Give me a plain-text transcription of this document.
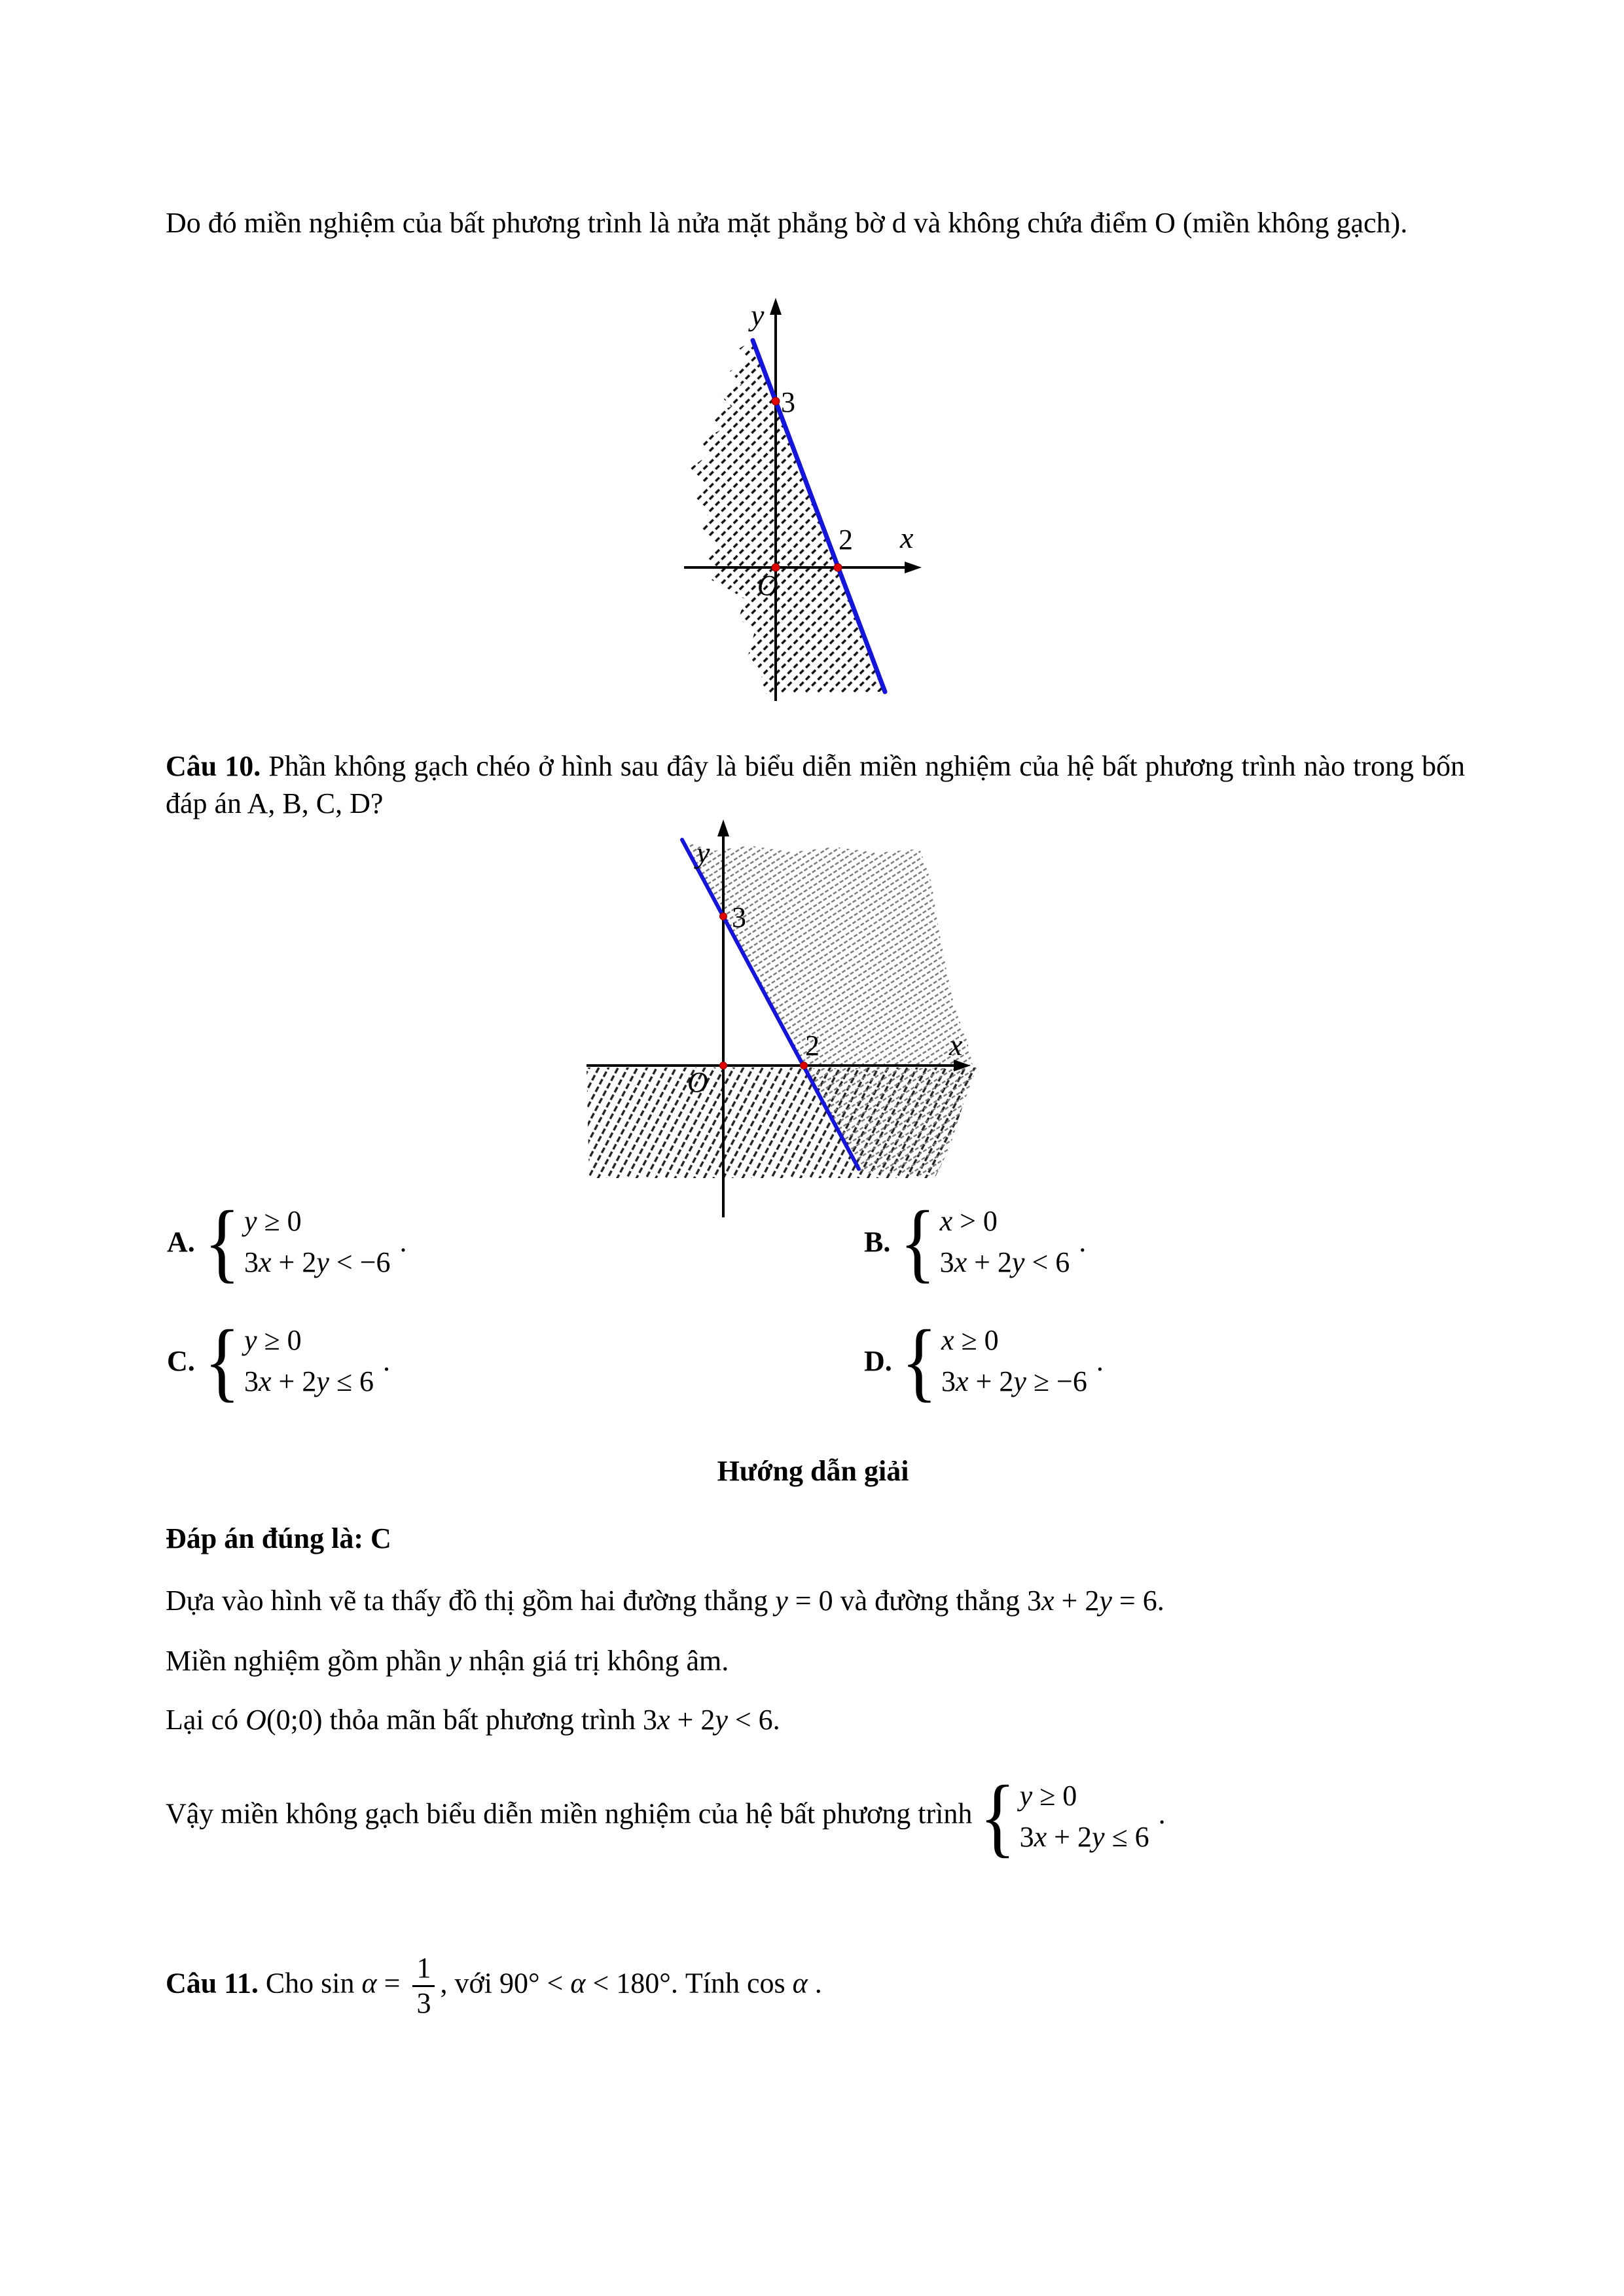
Do đó miền nghiệm của bất phương trình là nửa mặt phẳng bờ d và không chứa điểm O (miền không gạch).

y
x
3
2
O

Câu 10. Phần không gạch chéo ở hình sau đây là biểu diễn miền nghiệm của hệ bất phương trình nào trong bốn đáp án A, B, C, D?

y
x
3
2
O
A. { y ≥ 0
3x + 2y < −6
.	B. { x > 0
3x + 2y < 6
.
C. { y ≥ 0
3x + 2y ≤ 6
.	D. { x ≥ 0
3x + 2y ≥ −6
.
Hướng dẫn giải
Đáp án đúng là: C

Dựa vào hình vẽ ta thấy đồ thị gồm hai đường thẳng y = 0 và đường thẳng 3x + 2y = 6.

Miền nghiệm gồm phần y nhận giá trị không âm.

Lại có O(0;0) thỏa mãn bất phương trình 3x + 2y < 6.

Vậy miền không gạch biểu diễn miền nghiệm của hệ bất phương trình { y ≥ 0
3x + 2y ≤ 6
.

Câu 11. Cho $\sin \alpha = \frac{1}{3}$ , với 90° < α < 180°. Tính cos α .
